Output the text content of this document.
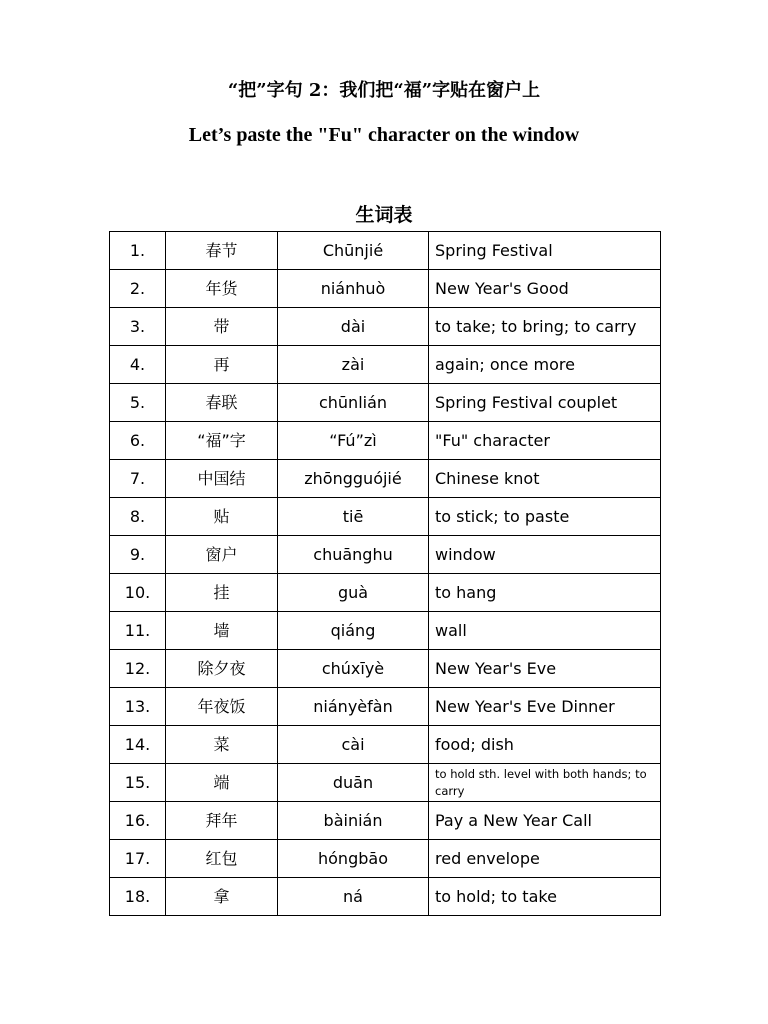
“把”字句 2：我们把“福”字贴在窗户上
Let’s paste the "Fu" character on the window
生词表
1.	春节	Chūnjié	Spring Festival
2.	年货	niánhuò	New Year's Good
3.	带	dài	to take; to bring; to carry
4.	再	zài	again; once more
5.	春联	chūnlián	Spring Festival couplet
6.	“福”字	“Fú”zì	"Fu" character
7.	中国结	zhōngguójié	Chinese knot
8.	贴	tiē	to stick; to paste
9.	窗户	chuānghu	window
10.	挂	guà	to hang
11.	墙	qiáng	wall
12.	除夕夜	chúxīyè	New Year's Eve
13.	年夜饭	niányèfàn	New Year's Eve Dinner
14.	菜	cài	food; dish
15.	端	duān	to hold sth. level with both hands; to carry
16.	拜年	bàinián	Pay a New Year Call
17.	红包	hóngbāo	red envelope
18.	拿	ná	to hold; to take
